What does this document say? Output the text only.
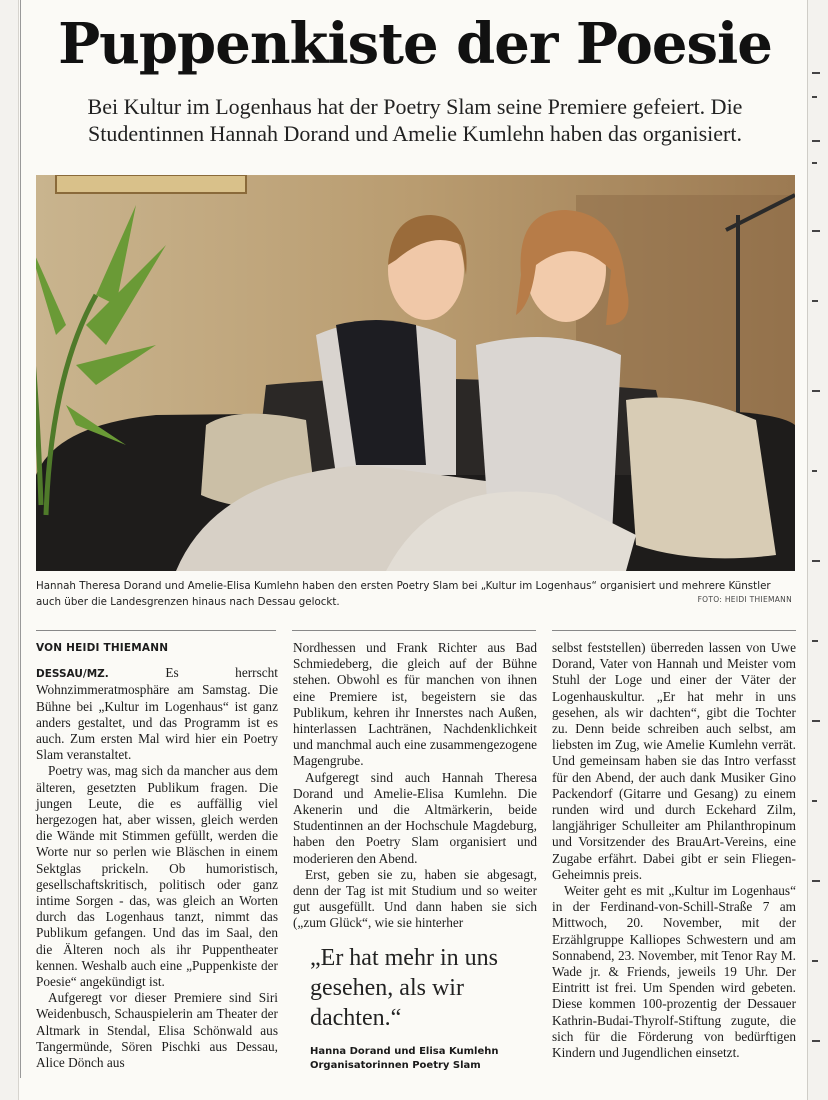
Puppenkiste der Poesie

Bei Kultur im Logenhaus hat der Poetry Slam seine Premiere gefeiert. Die Studentinnen Hannah Dorand und Amelie Kumlehn haben das organisiert.

Hannah Theresa Dorand und Amelie-Elisa Kumlehn haben den ersten Poetry Slam bei „Kultur im Logenhaus“ organisiert und mehrere Künstler auch über die Landesgrenzen hinaus nach Dessau gelockt.	FOTO: HEIDI THIEMANN

VON HEIDI THIEMANN

DESSAU/MZ.	Es herrscht Wohnzimmeratmosphäre am Samstag. Die Bühne bei „Kultur im Logenhaus“ ist ganz anders gestaltet, und das Programm ist es auch. Zum ersten Mal wird hier ein Poetry Slam veranstaltet.

Poetry was, mag sich da mancher aus dem älteren, gesetzten Publikum fragen. Die jungen Leute, die es auffällig viel hergezogen hat, aber wissen, gleich werden die Wände mit Stimmen gefüllt, werden die Worte nur so perlen wie Bläschen in einem Sektglas prickeln. Ob humoristisch, gesellschaftskritisch, politisch oder ganz intime Sorgen - das, was gleich an Worten durch das Logenhaus tanzt, nimmt das Publikum gefangen. Und das im Saal, den die Älteren noch als ihr Puppentheater kennen. Weshalb auch eine „Puppenkiste der Poesie“ angekündigt ist.

Aufgeregt vor dieser Premiere sind Siri Weidenbusch, Schauspielerin am Theater der Altmark in Stendal, Elisa Schönwald aus Tangermünde, Sören Pischki aus Dessau, Alice Dönch aus

Nordhessen und Frank Richter aus Bad Schmiedeberg, die gleich auf der Bühne stehen. Obwohl es für manchen von ihnen eine Premiere ist, begeistern sie das Publikum, kehren ihr Innerstes nach Außen, hinterlassen Lachtränen, Nachdenklichkeit und manchmal auch eine zusammengezogene Magengrube.

Aufgeregt sind auch Hannah Theresa Dorand und Amelie-Elisa Kumlehn. Die Akenerin und die Altmärkerin, beide Studentinnen an der Hochschule Magdeburg, haben den Poetry Slam organisiert und moderieren den Abend.

Erst, geben sie zu, haben sie abgesagt, denn der Tag ist mit Studium und so weiter gut ausgefüllt. Und dann haben sie sich („zum Glück“, wie sie hinterher

„Er hat mehr in uns gesehen, als wir dachten.“

Hanna Dorand und Elisa Kumlehn
Organisatorinnen Poetry Slam

selbst feststellen) überreden lassen von Uwe Dorand, Vater von Hannah und Meister vom Stuhl der Loge und einer der Väter der Logenhauskultur. „Er hat mehr in uns gesehen, als wir dachten“, gibt die Tochter zu. Denn beide schreiben auch selbst, am liebsten im Zug, wie Amelie Kumlehn verrät. Und gemeinsam haben sie das Intro verfasst für den Abend, der auch dank Musiker Gino Packendorf (Gitarre und Gesang) zu einem runden wird und durch Eckehard Zilm, langjähriger Schulleiter am Philanthropinum und Vorsitzender des BrauArt-Vereins, eine Zugabe erfährt. Dabei gibt er sein Fliegen-Geheimnis preis.

Weiter geht es mit „Kultur im Logenhaus“ in der Ferdinand-von-Schill-Straße 7 am Mittwoch, 20. November, mit der Erzählgruppe Kalliopes Schwestern und am Sonnabend, 23. November, mit Tenor Ray M. Wade jr. & Friends, jeweils 19 Uhr. Der Eintritt ist frei. Um Spenden wird gebeten. Diese kommen 100-prozentig der Dessauer Kathrin-Budai-Thyrolf-Stiftung zugute, die sich für die Förderung von bedürftigen Kindern und Jugendlichen einsetzt.
